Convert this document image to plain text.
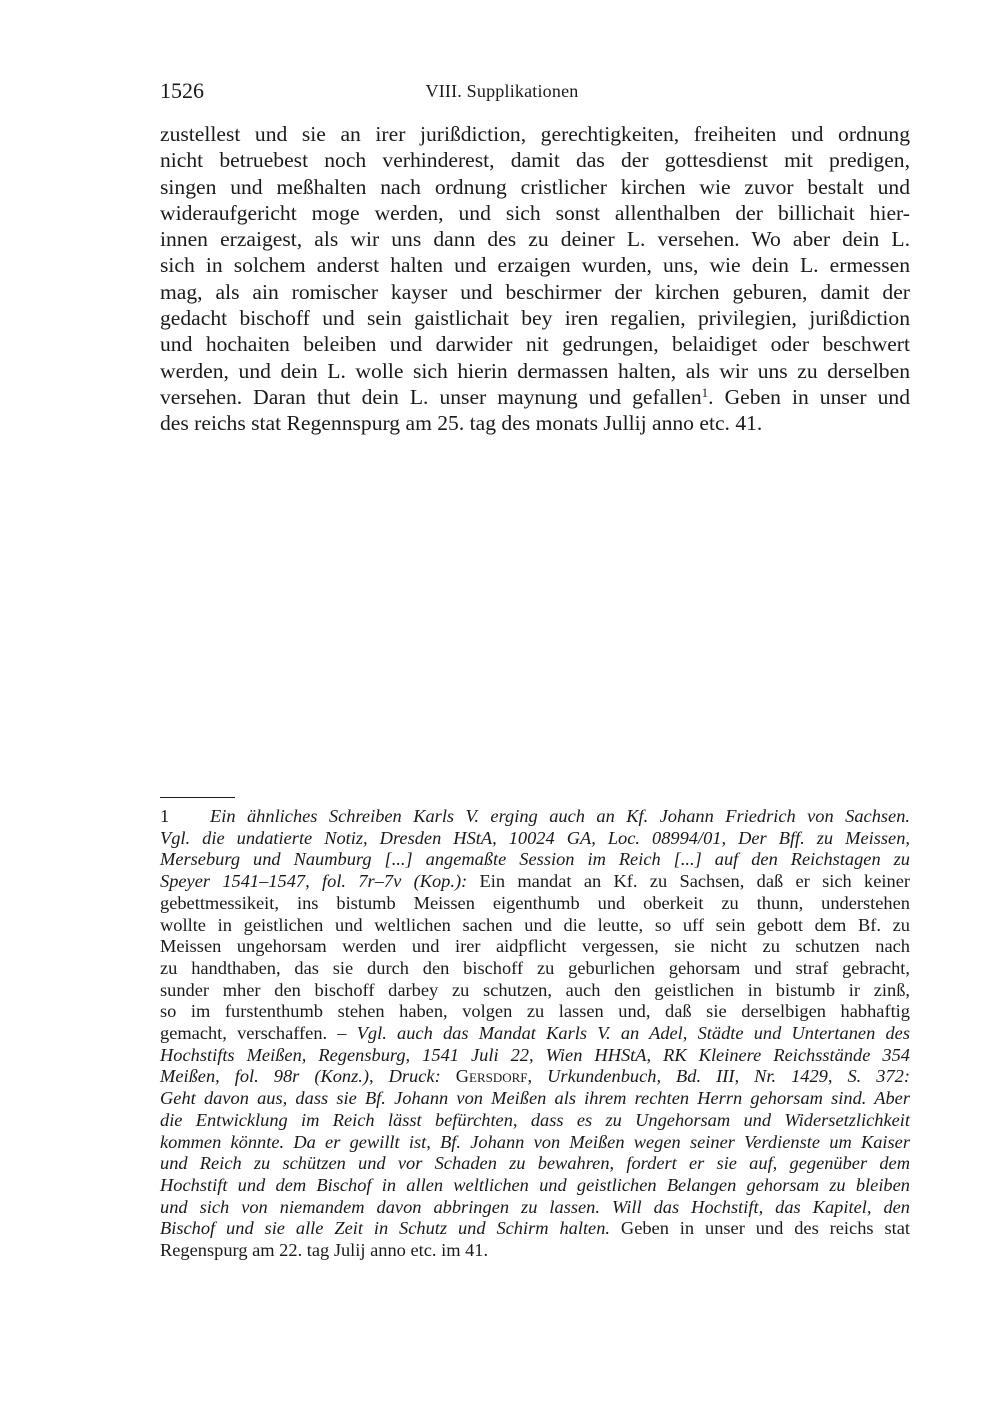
1526	VIII. Supplikationen
zustellest und sie an irer jurißdiction, gerechtigkeiten, freiheiten und ordnung
nicht betruebest noch verhinderest, damit das der gottesdienst mit predigen,
singen und meßhalten nach ordnung cristlicher kirchen wie zuvor bestalt und
wideraufgericht moge werden, und sich sonst allenthalben der billichait hier-
innen erzaigest, als wir uns dann des zu deiner L. versehen. Wo aber dein L.
sich in solchem anderst halten und erzaigen wurden, uns, wie dein L. ermessen
mag, als ain romischer kayser und beschirmer der kirchen geburen, damit der
gedacht bischoff und sein gaistlichait bey iren regalien, privilegien, jurißdiction
und hochaiten beleiben und darwider nit gedrungen, belaidiget oder beschwert
werden, und dein L. wolle sich hierin dermassen halten, als wir uns zu derselben
versehen. Daran thut dein L. unser maynung und gefallen$^1$. Geben in unser und
des reichs stat Regennspurg am 25. tag des monats Jullij anno etc. 41.
1 Ein ähnliches Schreiben Karls V. erging auch an Kf. Johann Friedrich von Sachsen.
Vgl. die undatierte Notiz, Dresden HStA, 10024 GA, Loc. 08994/01, Der Bff. zu Meissen,
Merseburg und Naumburg [...] angemaßte Session im Reich [...] auf den Reichstagen zu
Speyer 1541–1547, fol. 7r–7v (Kop.): Ein mandat an Kf. zu Sachsen, daß er sich keiner
gebettmessikeit, ins bistumb Meissen eigenthumb und oberkeit zu thunn, understehen
wollte in geistlichen und weltlichen sachen und die leutte, so uff sein gebott dem Bf. zu
Meissen ungehorsam werden und irer aidpflicht vergessen, sie nicht zu schutzen nach
zu handthaben, das sie durch den bischoff zu geburlichen gehorsam und straf gebracht,
sunder mher den bischoff darbey zu schutzen, auch den geistlichen in bistumb ir zinß,
so im furstenthumb stehen haben, volgen zu lassen und, daß sie derselbigen habhaftig
gemacht, verschaffen. – Vgl. auch das Mandat Karls V. an Adel, Städte und Untertanen des
Hochstifts Meißen, Regensburg, 1541 Juli 22, Wien HHStA, RK Kleinere Reichsstände 354
Meißen, fol. 98r (Konz.), Druck: Gersdorf, Urkundenbuch, Bd. III, Nr. 1429, S. 372:
Geht davon aus, dass sie Bf. Johann von Meißen als ihrem rechten Herrn gehorsam sind. Aber
die Entwicklung im Reich lässt befürchten, dass es zu Ungehorsam und Widersetzlichkeit
kommen könnte. Da er gewillt ist, Bf. Johann von Meißen wegen seiner Verdienste um Kaiser
und Reich zu schützen und vor Schaden zu bewahren, fordert er sie auf, gegenüber dem
Hochstift und dem Bischof in allen weltlichen und geistlichen Belangen gehorsam zu bleiben
und sich von niemandem davon abbringen zu lassen. Will das Hochstift, das Kapitel, den
Bischof und sie alle Zeit in Schutz und Schirm halten. Geben in unser und des reichs stat
Regenspurg am 22. tag Julij anno etc. im 41.
